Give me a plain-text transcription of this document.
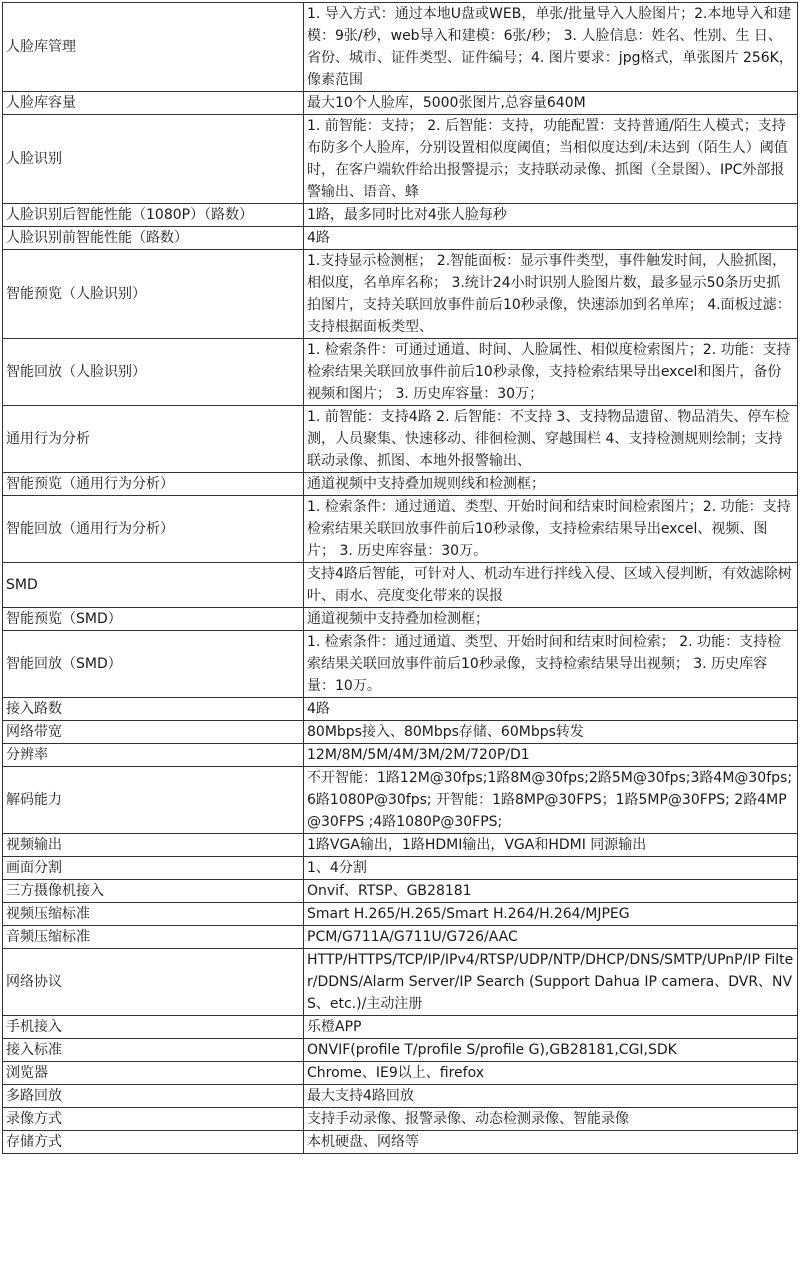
人脸库管理	1. 导入方式：通过本地U盘或WEB，单张/批量导入人脸图片；2.本地导入和建模：9张/秒，web导入和建模：6张/秒； 3. 人脸信息：姓名、性别、生 日、省份、城市、证件类型、证件编号；4. 图片要求：jpg格式，单张图片 256K，像素范围

人脸库容量	最大10个人脸库，5000张图片,总容量640M

人脸识别	1. 前智能：支持； 2. 后智能：支持，功能配置：支持普通/陌生人模式；支持布防多个人脸库，分别设置相似度阈值；当相似度达到/未达到（陌生人）阈值时，在客户端软件给出报警提示；支持联动录像、抓图（全景图）、IPC外部报警输出、语音、蜂

人脸识别后智能性能（1080P）（路数）	1路，最多同时比对4张人脸每秒

人脸识别前智能性能（路数）	4路

智能预览（人脸识别）	1.支持显示检测框； 2.智能面板：显示事件类型，事件触发时间，人脸抓图，相似度，名单库名称； 3.统计24小时识别人脸图片数，最多显示50条历史抓拍图片，支持关联回放事件前后10秒录像，快速添加到名单库； 4.面板过滤：支持根据面板类型、

智能回放（人脸识别）	1. 检索条件：可通过通道、时间、人脸属性、相似度检索图片；2. 功能：支持检索结果关联回放事件前后10秒录像，支持检索结果导出excel和图片，备份视频和图片； 3. 历史库容量：30万；

通用行为分析	1. 前智能：支持4路 2. 后智能：不支持 3、支持物品遗留、物品消失、停车检测，人员聚集、快速移动、徘徊检测、穿越围栏 4、支持检测规则绘制；支持联动录像、抓图、本地外报警输出、

智能预览（通用行为分析）	通道视频中支持叠加规则线和检测框；

智能回放（通用行为分析）	1. 检索条件：通过通道、类型、开始时间和结束时间检索图片；2. 功能：支持检索结果关联回放事件前后10秒录像，支持检索结果导出excel、视频、图片； 3. 历史库容量：30万。

SMD	支持4路后智能，可针对人、机动车进行拌线入侵、区域入侵判断，有效滤除树叶、雨水、亮度变化带来的误报

智能预览（SMD）	通道视频中支持叠加检测框；

智能回放（SMD）	1. 检索条件：通过通道、类型、开始时间和结束时间检索； 2. 功能：支持检索结果关联回放事件前后10秒录像，支持检索结果导出视频； 3. 历史库容量：10万。

接入路数	4路

网络带宽	80Mbps接入、80Mbps存储、60Mbps转发

分辨率	12M/8M/5M/4M/3M/2M/720P/D1

解码能力	不开智能：1路12M@30fps;1路8M@30fps;2路5M@30fps;3路4M@30fps;6路1080P@30fps; 开智能：1路8MP@30FPS；1路5MP@30FPS; 2路4MP@30FPS ;4路1080P@30FPS;

视频输出	1路VGA输出，1路HDMI输出，VGA和HDMI 同源输出

画面分割	1、4分割

三方摄像机接入	Onvif、RTSP、GB28181

视频压缩标准	Smart H.265/H.265/Smart H.264/H.264/MJPEG

音频压缩标准	PCM/G711A/G711U/G726/AAC

网络协议	HTTP/HTTPS/TCP/IP/IPv4/RTSP/UDP/NTP/DHCP/DNS/SMTP/UPnP/IP Filter/DDNS/Alarm Server/IP Search (Support Dahua IP camera、DVR、NVS、etc.)/主动注册

手机接入	乐橙APP

接入标准	ONVIF(profile T/profile S/profile G),GB28181,CGI,SDK

浏览器	Chrome、IE9以上、firefox

多路回放	最大支持4路回放

录像方式	支持手动录像、报警录像、动态检测录像、智能录像

存储方式	本机硬盘、网络等
